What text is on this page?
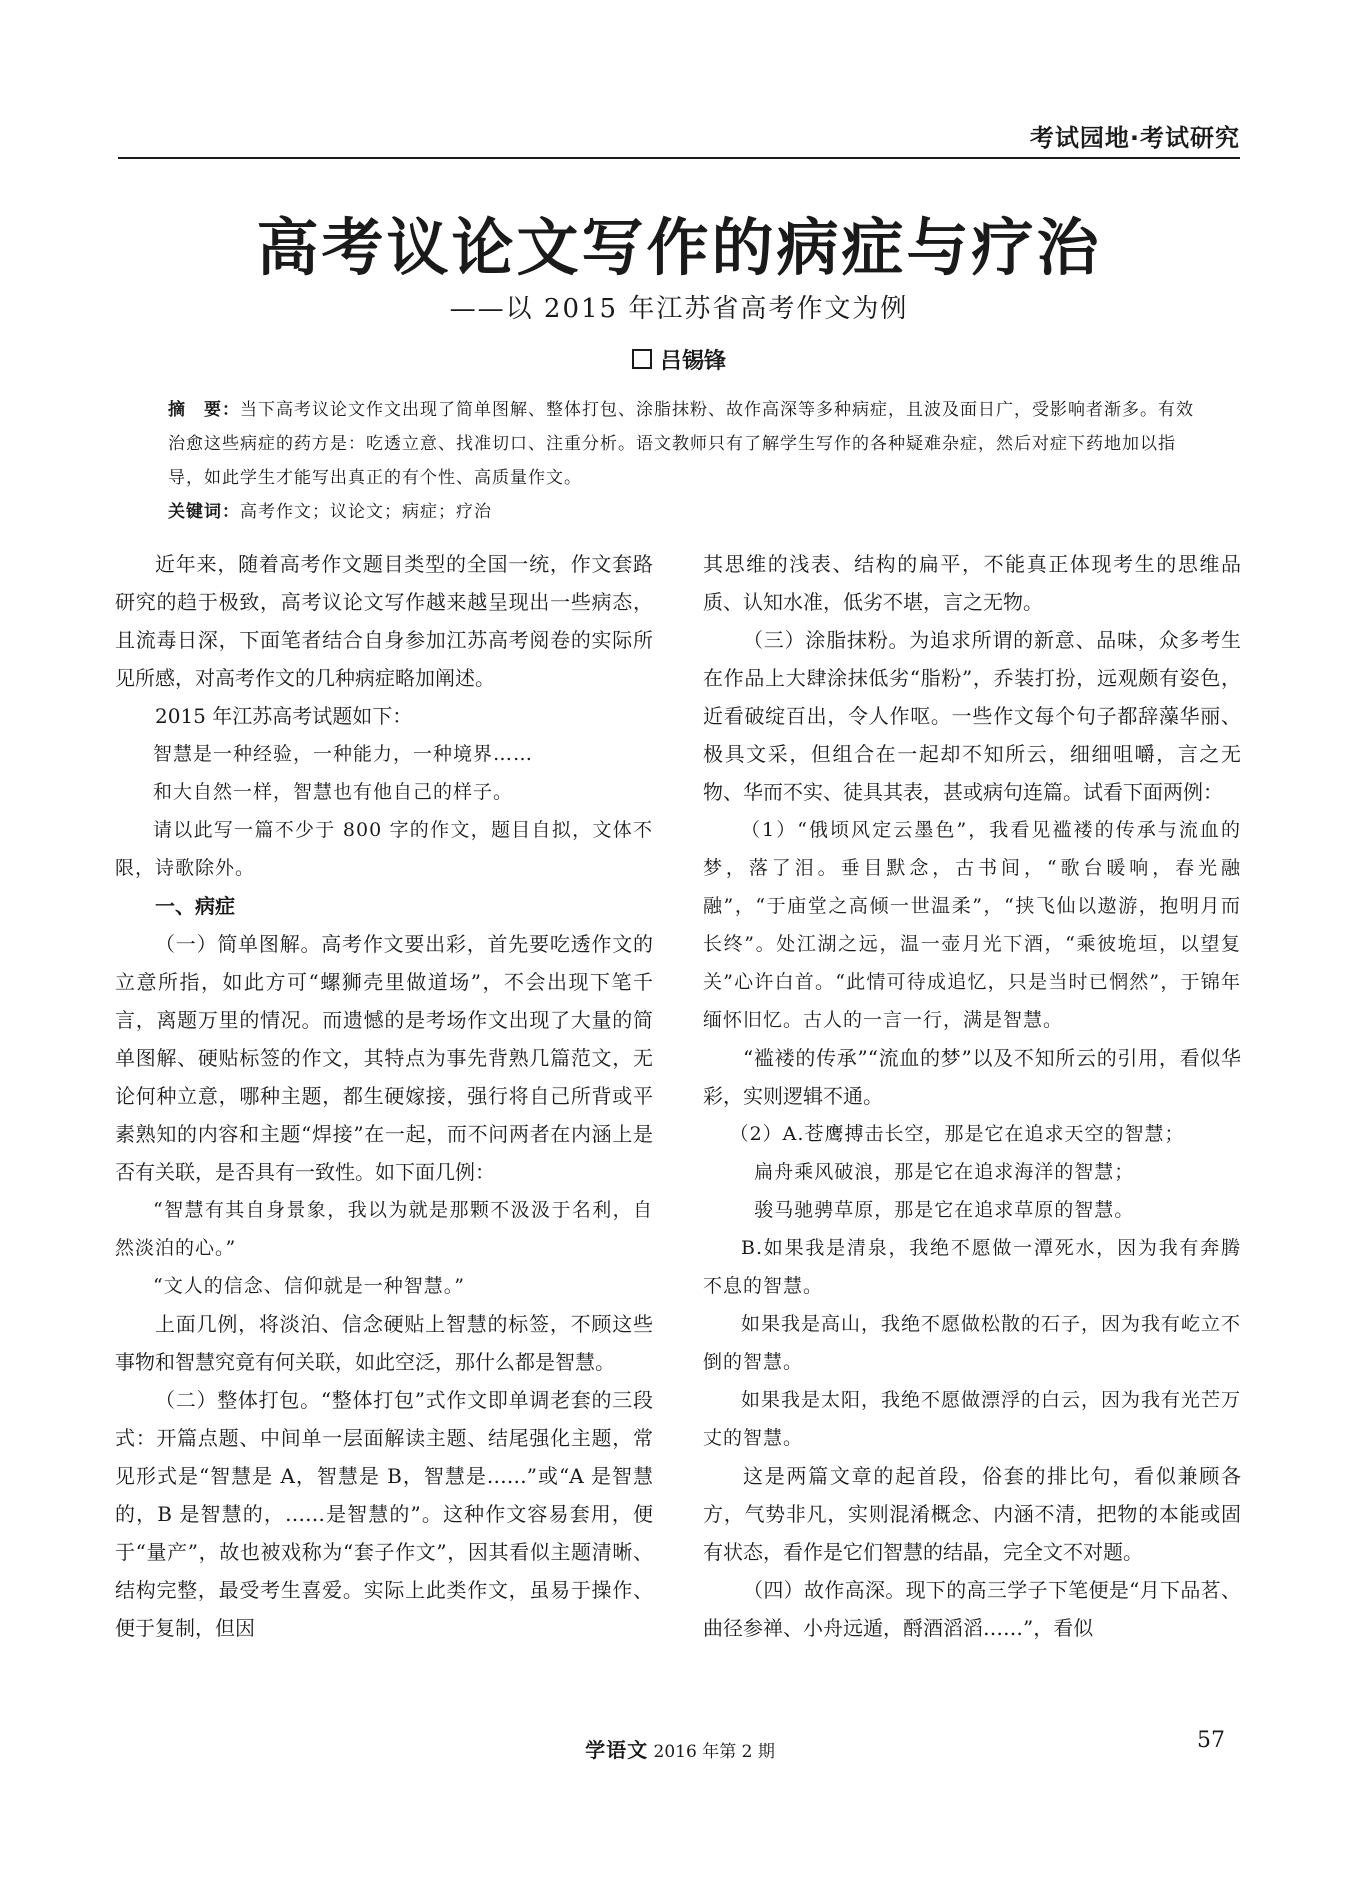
考试园地·考试研究
高考议论文写作的病症与疗治
——以 2015 年江苏省高考作文为例
吕锡锋
摘　要：当下高考议论文作文出现了简单图解、整体打包、涂脂抹粉、故作高深等多种病症，且波及面日广，受影响者渐多。有效治愈这些病症的药方是：吃透立意、找准切口、注重分析。语文教师只有了解学生写作的各种疑难杂症，然后对症下药地加以指导，如此学生才能写出真正的有个性、高质量作文。
关键词：高考作文；议论文；病症；疗治

近年来，随着高考作文题目类型的全国一统，作文套路研究的趋于极致，高考议论文写作越来越呈现出一些病态，且流毒日深，下面笔者结合自身参加江苏高考阅卷的实际所见所感，对高考作文的几种病症略加阐述。

2015 年江苏高考试题如下：

智慧是一种经验，一种能力，一种境界……

和大自然一样，智慧也有他自己的样子。

请以此写一篇不少于 800 字的作文，题目自拟，文体不限，诗歌除外。

一、病症

（一）简单图解。高考作文要出彩，首先要吃透作文的立意所指，如此方可“螺狮壳里做道场”，不会出现下笔千言，离题万里的情况。而遗憾的是考场作文出现了大量的简单图解、硬贴标签的作文，其特点为事先背熟几篇范文，无论何种立意，哪种主题，都生硬嫁接，强行将自己所背或平素熟知的内容和主题“焊接”在一起，而不问两者在内涵上是否有关联，是否具有一致性。如下面几例：

“智慧有其自身景象，我以为就是那颗不汲汲于名利，自然淡泊的心。”

“文人的信念、信仰就是一种智慧。”

上面几例，将淡泊、信念硬贴上智慧的标签，不顾这些事物和智慧究竟有何关联，如此空泛，那什么都是智慧。

（二）整体打包。“整体打包”式作文即单调老套的三段式：开篇点题、中间单一层面解读主题、结尾强化主题，常见形式是“智慧是 A，智慧是 B，智慧是……”或“A 是智慧的，B 是智慧的，……是智慧的”。这种作文容易套用，便于“量产”，故也被戏称为“套子作文”，因其看似主题清晰、结构完整，最受考生喜爱。实际上此类作文，虽易于操作、便于复制，但因

其思维的浅表、结构的扁平，不能真正体现考生的思维品质、认知水准，低劣不堪，言之无物。

（三）涂脂抹粉。为追求所谓的新意、品味，众多考生在作品上大肆涂抹低劣“脂粉”，乔装打扮，远观颇有姿色，近看破绽百出，令人作呕。一些作文每个句子都辞藻华丽、极具文采，但组合在一起却不知所云，细细咀嚼，言之无物、华而不实、徒具其表，甚或病句连篇。试看下面两例：

（1）“俄顷风定云墨色”，我看见褴褛的传承与流血的梦，落了泪。垂目默念，古书间，“歌台暖响，春光融融”，“于庙堂之高倾一世温柔”，“挟飞仙以遨游，抱明月而长终”。处江湖之远，温一壶月光下酒，“乘彼垝垣，以望复关”心许白首。“此情可待成追忆，只是当时已惘然”，于锦年缅怀旧忆。古人的一言一行，满是智慧。

“褴褛的传承”“流血的梦”以及不知所云的引用，看似华彩，实则逻辑不通。

（2）A.苍鹰搏击长空，那是它在追求天空的智慧；

扁舟乘风破浪，那是它在追求海洋的智慧；

骏马驰骋草原，那是它在追求草原的智慧。

B.如果我是清泉，我绝不愿做一潭死水，因为我有奔腾不息的智慧。

如果我是高山，我绝不愿做松散的石子，因为我有屹立不倒的智慧。

如果我是太阳，我绝不愿做漂浮的白云，因为我有光芒万丈的智慧。

这是两篇文章的起首段，俗套的排比句，看似兼顾各方，气势非凡，实则混淆概念、内涵不清，把物的本能或固有状态，看作是它们智慧的结晶，完全文不对题。

（四）故作高深。现下的高三学子下笔便是“月下品茗、曲径参禅、小舟远遁，酹酒滔滔……”，看似

学语文 2016 年第 2 期	57
